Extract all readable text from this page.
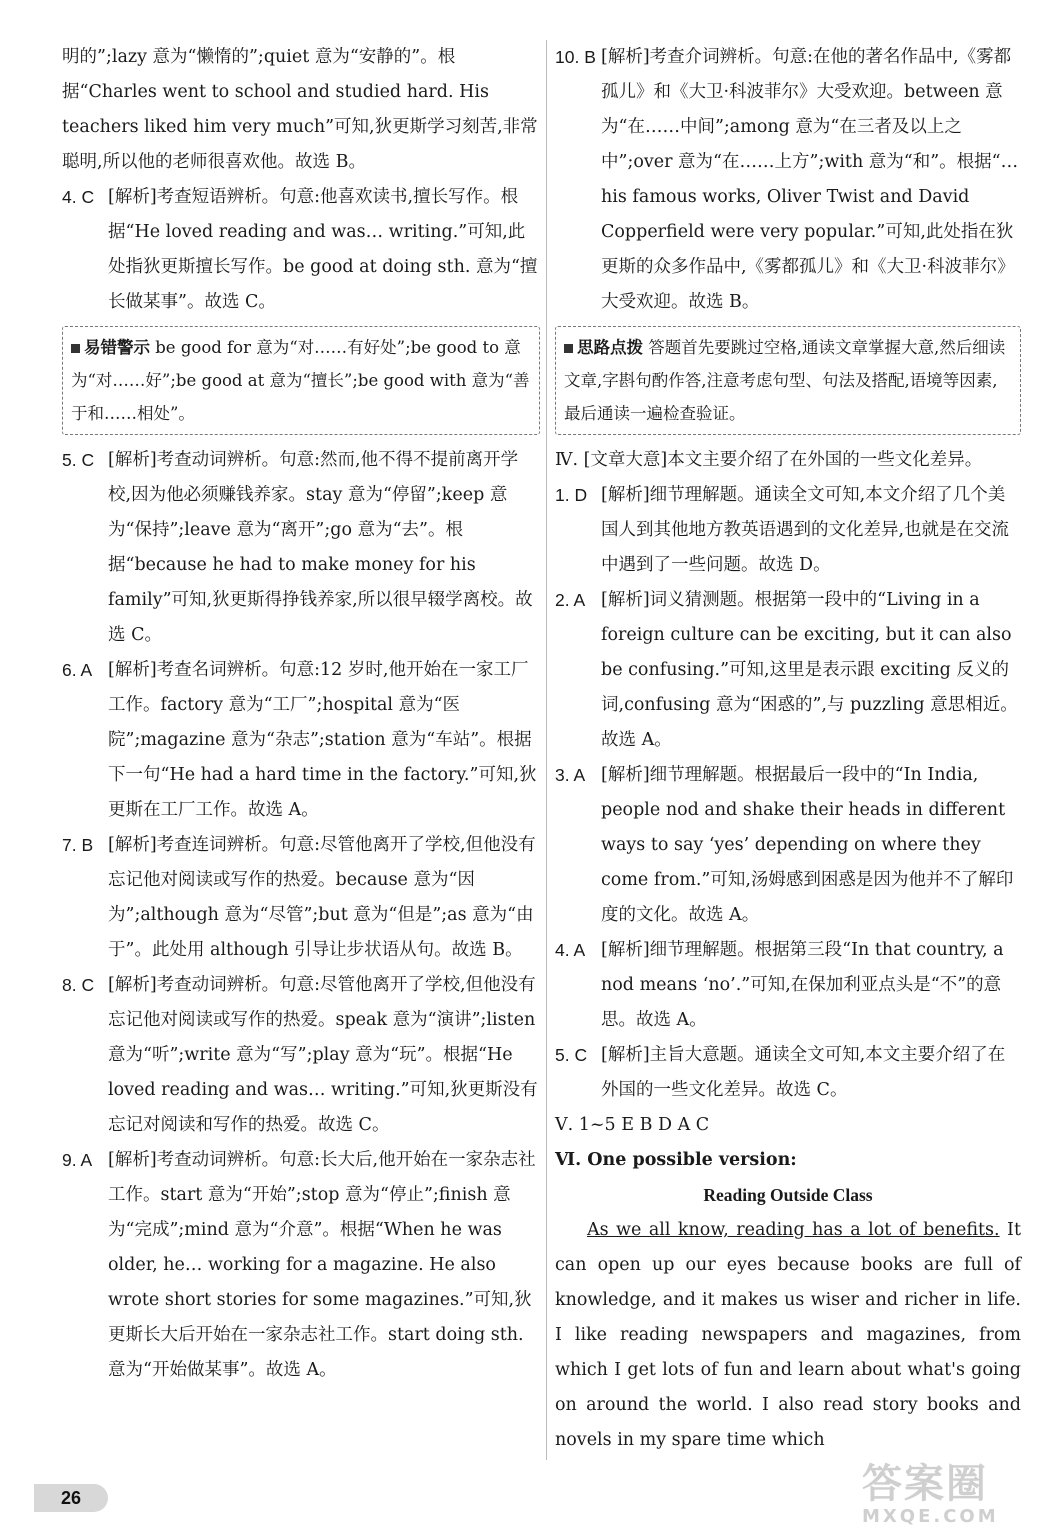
明的”;lazy 意为“懒惰的”;quiet 意为“安静的”。根据“Charles went to school and studied hard. His teachers liked him very much”可知,狄更斯学习刻苦,非常聪明,所以他的老师很喜欢他。故选 B。

4. C [解析]考查短语辨析。句意:他喜欢读书,擅长写作。根据“He loved reading and was… writing.”可知,此处指狄更斯擅长写作。be good at doing sth. 意为“擅长做某事”。故选 C。
易错警示 be good for 意为“对……有好处”;be good to 意为“对……好”;be good at 意为“擅长”;be good with 意为“善于和……相处”。
5. C [解析]考查动词辨析。句意:然而,他不得不提前离开学校,因为他必须赚钱养家。stay 意为“停留”;keep 意为“保持”;leave 意为“离开”;go 意为“去”。根据“because he had to make money for his family”可知,狄更斯得挣钱养家,所以很早辍学离校。故选 C。
6. A [解析]考查名词辨析。句意:12 岁时,他开始在一家工厂工作。factory 意为“工厂”;hospital 意为“医院”;magazine 意为“杂志”;station 意为“车站”。根据下一句“He had a hard time in the factory.”可知,狄更斯在工厂工作。故选 A。
7. B [解析]考查连词辨析。句意:尽管他离开了学校,但他没有忘记他对阅读或写作的热爱。because 意为“因为”;although 意为“尽管”;but 意为“但是”;as 意为“由于”。此处用 although 引导让步状语从句。故选 B。
8. C [解析]考查动词辨析。句意:尽管他离开了学校,但他没有忘记他对阅读或写作的热爱。speak 意为“演讲”;listen 意为“听”;write 意为“写”;play 意为“玩”。根据“He loved reading and was… writing.”可知,狄更斯没有忘记对阅读和写作的热爱。故选 C。
9. A [解析]考查动词辨析。句意:长大后,他开始在一家杂志社工作。start 意为“开始”;stop 意为“停止”;finish 意为“完成”;mind 意为“介意”。根据“When he was older, he… working for a magazine. He also wrote short stories for some magazines.”可知,狄更斯长大后开始在一家杂志社工作。start doing sth. 意为“开始做某事”。故选 A。
10. B [解析]考查介词辨析。句意:在他的著名作品中,《雾都孤儿》和《大卫·科波菲尔》大受欢迎。between 意为“在……中间”;among 意为“在三者及以上之中”;over 意为“在……上方”;with 意为“和”。根据“… his famous works, Oliver Twist and David Copperfield were very popular.”可知,此处指在狄更斯的众多作品中,《雾都孤儿》和《大卫·科波菲尔》大受欢迎。故选 B。
思路点拨 答题首先要跳过空格,通读文章掌握大意,然后细读文章,字斟句酌作答,注意考虑句型、句法及搭配,语境等因素,最后通读一遍检查验证。

Ⅳ. [文章大意]本文主要介绍了在外国的一些文化差异。

1. D [解析]细节理解题。通读全文可知,本文介绍了几个美国人到其他地方教英语遇到的文化差异,也就是在交流中遇到了一些问题。故选 D。
2. A [解析]词义猜测题。根据第一段中的“Living in a foreign culture can be exciting, but it can also be confusing.”可知,这里是表示跟 exciting 反义的词,confusing 意为“困惑的”,与 puzzling 意思相近。故选 A。
3. A [解析]细节理解题。根据最后一段中的“In India, people nod and shake their heads in different ways to say ‘yes’ depending on where they come from.”可知,汤姆感到困惑是因为他并不了解印度的文化。故选 A。
4. A [解析]细节理解题。根据第三段“In that country, a nod means ‘no’.”可知,在保加利亚点头是“不”的意思。故选 A。
5. C [解析]主旨大意题。通读全文可知,本文主要介绍了在外国的一些文化差异。故选 C。

Ⅴ. 1~5 E B D A C

Ⅵ. One possible version:

Reading Outside Class

As we all know, reading has a lot of benefits. It can open up our eyes because books are full of knowledge, and it makes us wiser and richer in life. I like reading newspapers and magazines, from which I get lots of fun and learn about what's going on around the world. I also read story books and novels in my spare time which

26	答案圈
MXQE.COM
